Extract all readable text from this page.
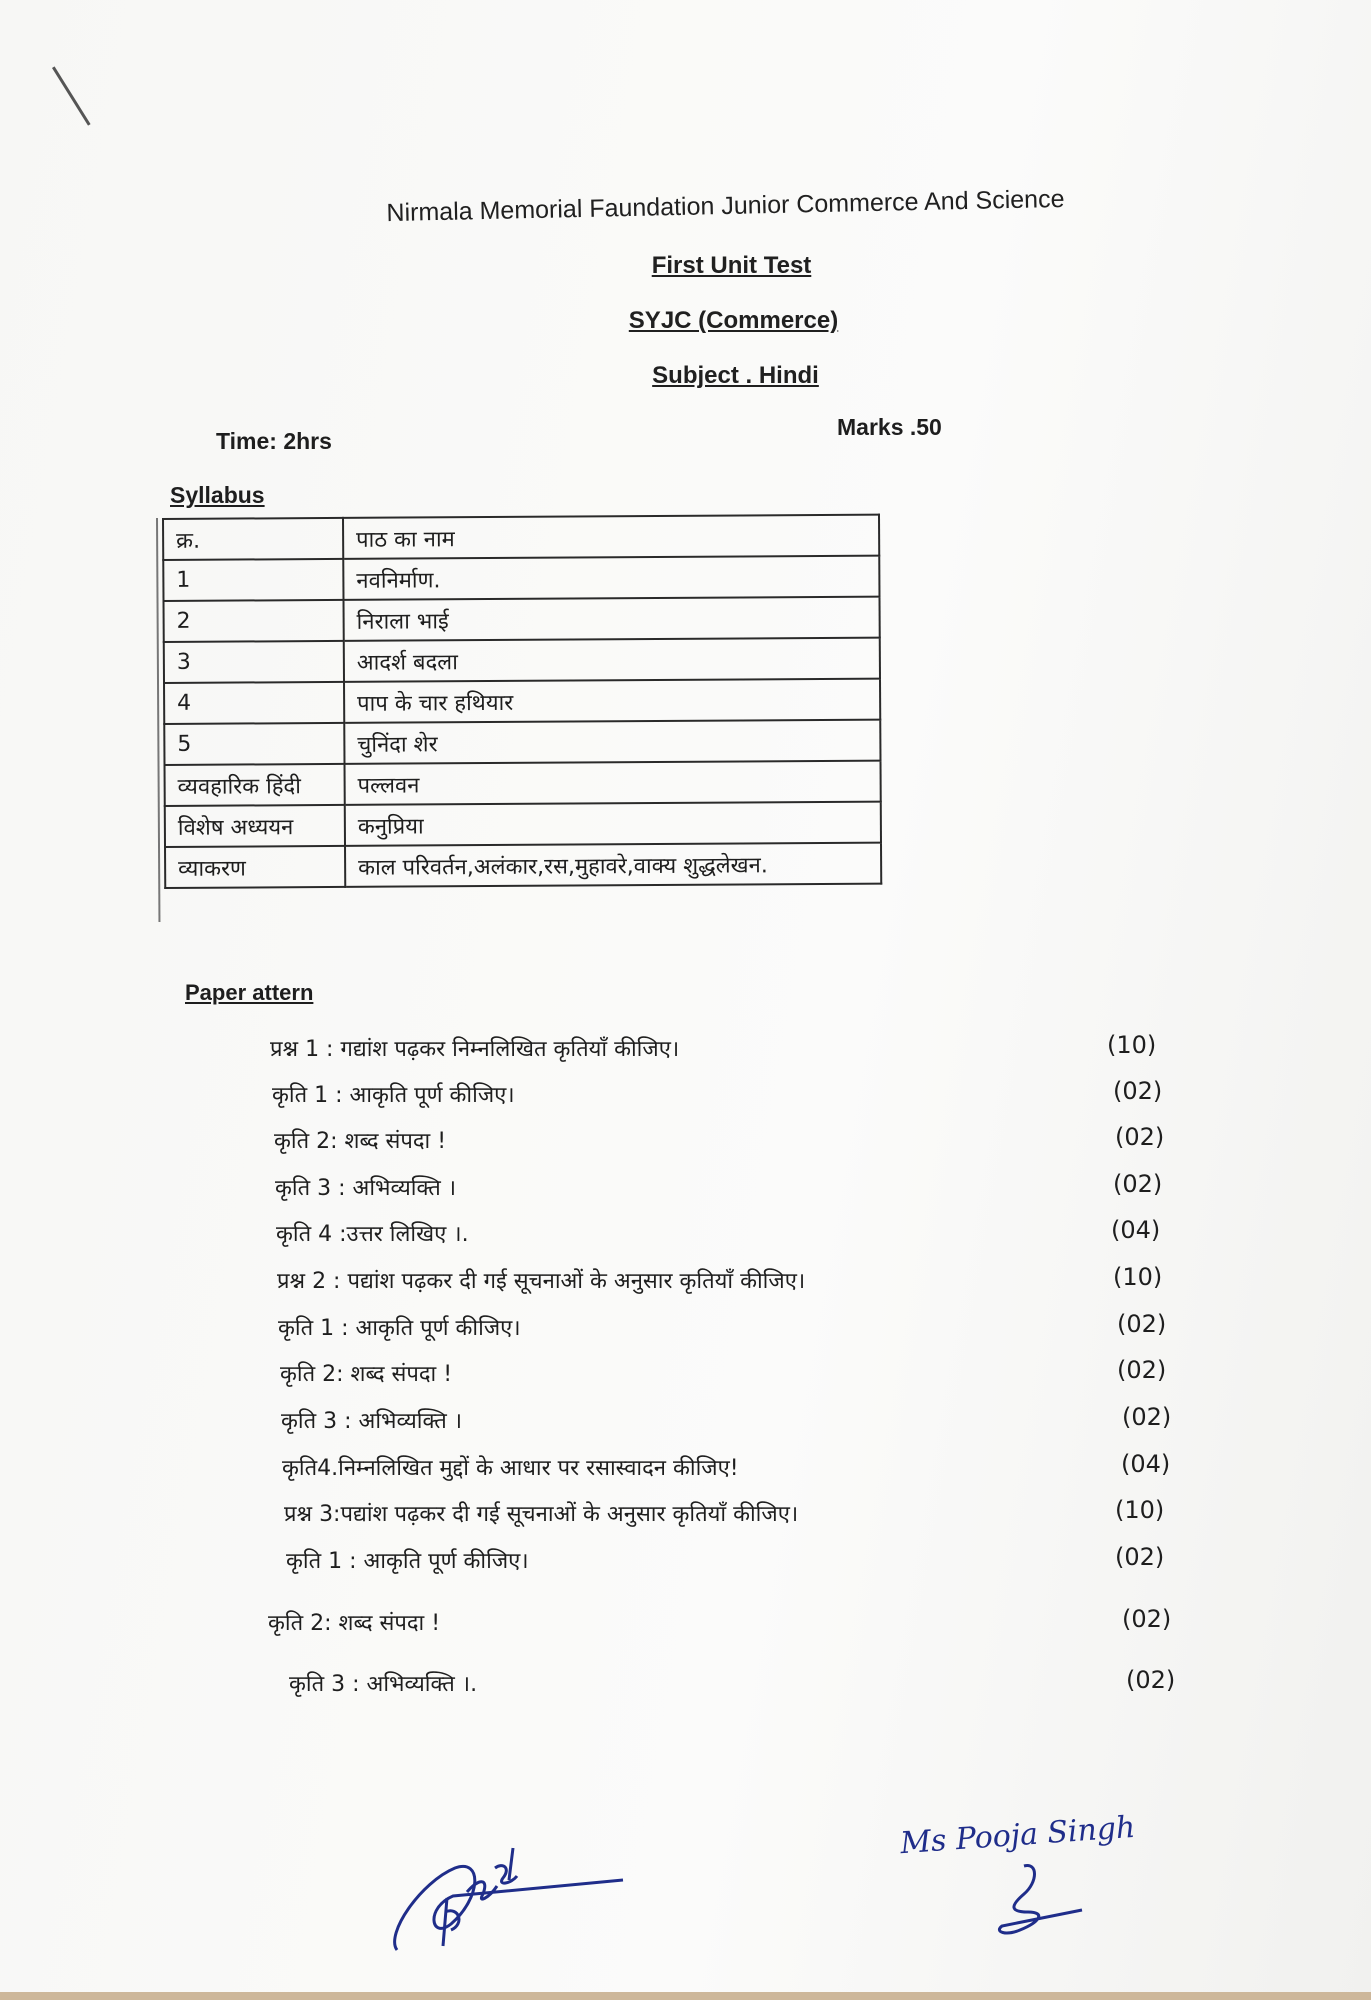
Nirmala Memorial Faundation Junior Commerce And Science
First Unit Test
SYJC (Commerce)
Subject . Hindi
Time: 2hrs
Marks .50
Syllabus
क्र.	पाठ का नाम
1	नवनिर्माण.
2	निराला भाई
3	आदर्श बदला
4	पाप के चार हथियार
5	चुनिंदा शेर
व्यवहारिक हिंदी	पल्लवन
विशेष अध्ययन	कनुप्रिया
व्याकरण	काल परिवर्तन,अलंकार,रस,मुहावरे,वाक्य शुद्धलेखन.
Paper attern
प्रश्न 1 : गद्यांश पढ़कर निम्नलिखित कृतियाँ कीजिए।	(10)
कृति 1 : आकृति पूर्ण कीजिए।	(02)
कृति 2: शब्द संपदा !	(02)
कृति 3 : अभिव्यक्ति ।	(02)
कृति 4 :उत्तर लिखिए ।.	(04)
प्रश्न 2 : पद्यांश पढ़कर दी गई सूचनाओं के अनुसार कृतियाँ कीजिए।	(10)
कृति 1 : आकृति पूर्ण कीजिए।	(02)
कृति 2: शब्द संपदा !	(02)
कृति 3 : अभिव्यक्ति ।	(02)
कृति4.निम्नलिखित मुद्दों के आधार पर रसास्वादन कीजिए!	(04)
प्रश्न 3:पद्यांश पढ़कर दी गई सूचनाओं के अनुसार कृतियाँ कीजिए।	(10)
कृति 1 : आकृति पूर्ण कीजिए।	(02)
कृति 2: शब्द संपदा !	(02)
कृति 3 : अभिव्यक्ति ।.	(02)
Ms Pooja Singh
